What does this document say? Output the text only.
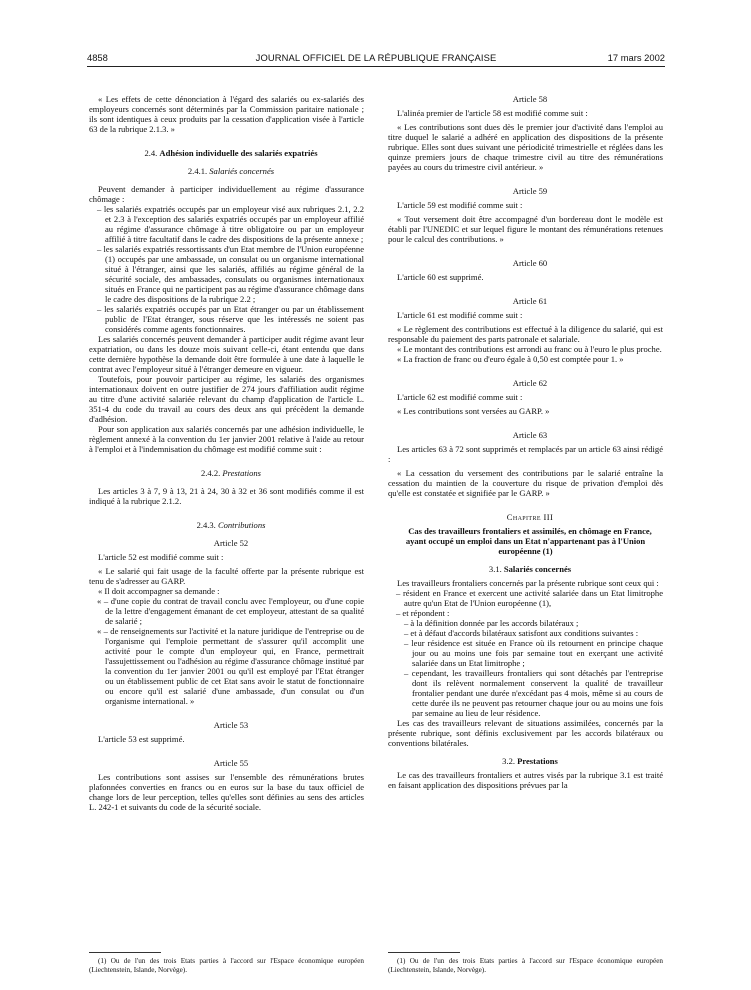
4858	JOURNAL OFFICIEL DE LA RÉPUBLIQUE FRANÇAISE	17 mars 2002

« Les effets de cette dénonciation à l'égard des salariés ou ex-salariés des employeurs concernés sont déterminés par la Commission paritaire nationale ; ils sont identiques à ceux produits par la cessation d'application visée à l'article 63 de la rubrique 2.1.3. »

2.4. Adhésion individuelle des salariés expatriés

2.4.1. Salariés concernés

Peuvent demander à participer individuellement au régime d'assurance chômage :

– les salariés expatriés occupés par un employeur visé aux rubriques 2.1, 2.2 et 2.3 à l'exception des salariés expatriés occupés par un employeur affilié au régime d'assurance chômage à titre obligatoire ou par un employeur affilié à titre facultatif dans le cadre des dispositions de la présente annexe ;

– les salariés expatriés ressortissants d'un Etat membre de l'Union européenne (1) occupés par une ambassade, un consulat ou un organisme international situé à l'étranger, ainsi que les salariés, affiliés au régime général de la sécurité sociale, des ambassades, consulats ou organismes internationaux situés en France qui ne participent pas au régime d'assurance chômage dans le cadre des dispositions de la rubrique 2.2 ;

– les salariés expatriés occupés par un Etat étranger ou par un établissement public de l'Etat étranger, sous réserve que les intéressés ne soient pas considérés comme agents fonctionnaires.

Les salariés concernés peuvent demander à participer audit régime avant leur expatriation, ou dans les douze mois suivant celle-ci, étant entendu que dans cette dernière hypothèse la demande doit être formulée à une date à laquelle le contrat avec l'employeur situé à l'étranger demeure en vigueur.

Toutefois, pour pouvoir participer au régime, les salariés des organismes internationaux doivent en outre justifier de 274 jours d'affiliation audit régime au titre d'une activité salariée relevant du champ d'application de l'article L. 351-4 du code du travail au cours des deux ans qui précèdent la demande d'adhésion.

Pour son application aux salariés concernés par une adhésion individuelle, le règlement annexé à la convention du 1er janvier 2001 relative à l'aide au retour à l'emploi et à l'indemnisation du chômage est modifié comme suit :

2.4.2. Prestations

Les articles 3 à 7, 9 à 13, 21 à 24, 30 à 32 et 36 sont modifiés comme il est indiqué à la rubrique 2.1.2.

2.4.3. Contributions

Article 52

L'article 52 est modifié comme suit :

« Le salarié qui fait usage de la faculté offerte par la présente rubrique est tenu de s'adresser au GARP.

« Il doit accompagner sa demande :

« – d'une copie du contrat de travail conclu avec l'employeur, ou d'une copie de la lettre d'engagement émanant de cet employeur, attestant de sa qualité de salarié ;

« – de renseignements sur l'activité et la nature juridique de l'entreprise ou de l'organisme qui l'emploie permettant de s'assurer qu'il accomplit une activité pour le compte d'un employeur qui, en France, permettrait l'assujettissement ou l'adhésion au régime d'assurance chômage institué par la convention du 1er janvier 2001 ou qu'il est employé par l'Etat étranger ou un établissement public de cet Etat sans avoir le statut de fonctionnaire ou encore qu'il est salarié d'une ambassade, d'un consulat ou d'un organisme international. »

Article 53

L'article 53 est supprimé.

Article 55

Les contributions sont assises sur l'ensemble des rémunérations brutes plafonnées converties en francs ou en euros sur la base du taux officiel de change lors de leur perception, telles qu'elles sont définies au sens des articles L. 242-1 et suivants du code de la sécurité sociale.

Article 58

L'alinéa premier de l'article 58 est modifié comme suit :

« Les contributions sont dues dès le premier jour d'activité dans l'emploi au titre duquel le salarié a adhéré en application des dispositions de la présente rubrique. Elles sont dues suivant une périodicité trimestrielle et réglées dans les quinze premiers jours de chaque trimestre civil au titre des rémunérations payées au cours du trimestre civil antérieur. »

Article 59

L'article 59 est modifié comme suit :

« Tout versement doit être accompagné d'un bordereau dont le modèle est établi par l'UNEDIC et sur lequel figure le montant des rémunérations retenues pour le calcul des contributions. »

Article 60

L'article 60 est supprimé.

Article 61

L'article 61 est modifié comme suit :

« Le règlement des contributions est effectué à la diligence du salarié, qui est responsable du paiement des parts patronale et salariale.

« Le montant des contributions est arrondi au franc ou à l'euro le plus proche.

« La fraction de franc ou d'euro égale à 0,50 est comptée pour 1. »

Article 62

L'article 62 est modifié comme suit :

« Les contributions sont versées au GARP. »

Article 63

Les articles 63 à 72 sont supprimés et remplacés par un article 63 ainsi rédigé :

« La cessation du versement des contributions par le salarié entraîne la cessation du maintien de la couverture du risque de privation d'emploi dès qu'elle est constatée et signifiée par le GARP. »

Chapitre III

Cas des travailleurs frontaliers et assimilés, en chômage en France, ayant occupé un emploi dans un Etat n'appartenant pas à l'Union européenne (1)

3.1. Salariés concernés

Les travailleurs frontaliers concernés par la présente rubrique sont ceux qui :

– résident en France et exercent une activité salariée dans un Etat limitrophe autre qu'un Etat de l'Union européenne (1),

– et répondent :

– à la définition donnée par les accords bilatéraux ;

– et à défaut d'accords bilatéraux satisfont aux conditions suivantes :

– leur résidence est située en France où ils retournent en principe chaque jour ou au moins une fois par semaine tout en exerçant une activité salariée dans un Etat limitrophe ;

– cependant, les travailleurs frontaliers qui sont détachés par l'entreprise dont ils relèvent normalement conservent la qualité de travailleur frontalier pendant une durée n'excédant pas 4 mois, même si au cours de cette durée ils ne peuvent pas retourner chaque jour ou au moins une fois par semaine au lieu de leur résidence.

Les cas des travailleurs relevant de situations assimilées, concernés par la présente rubrique, sont définis exclusivement par les accords bilatéraux ou conventions bilatérales.

3.2. Prestations

Le cas des travailleurs frontaliers et autres visés par la rubrique 3.1 est traité en faisant application des dispositions prévues par la

(1) Ou de l'un des trois Etats parties à l'accord sur l'Espace économique européen (Liechtenstein, Islande, Norvège).

(1) Ou de l'un des trois Etats parties à l'accord sur l'Espace économique européen (Liechtenstein, Islande, Norvège).
